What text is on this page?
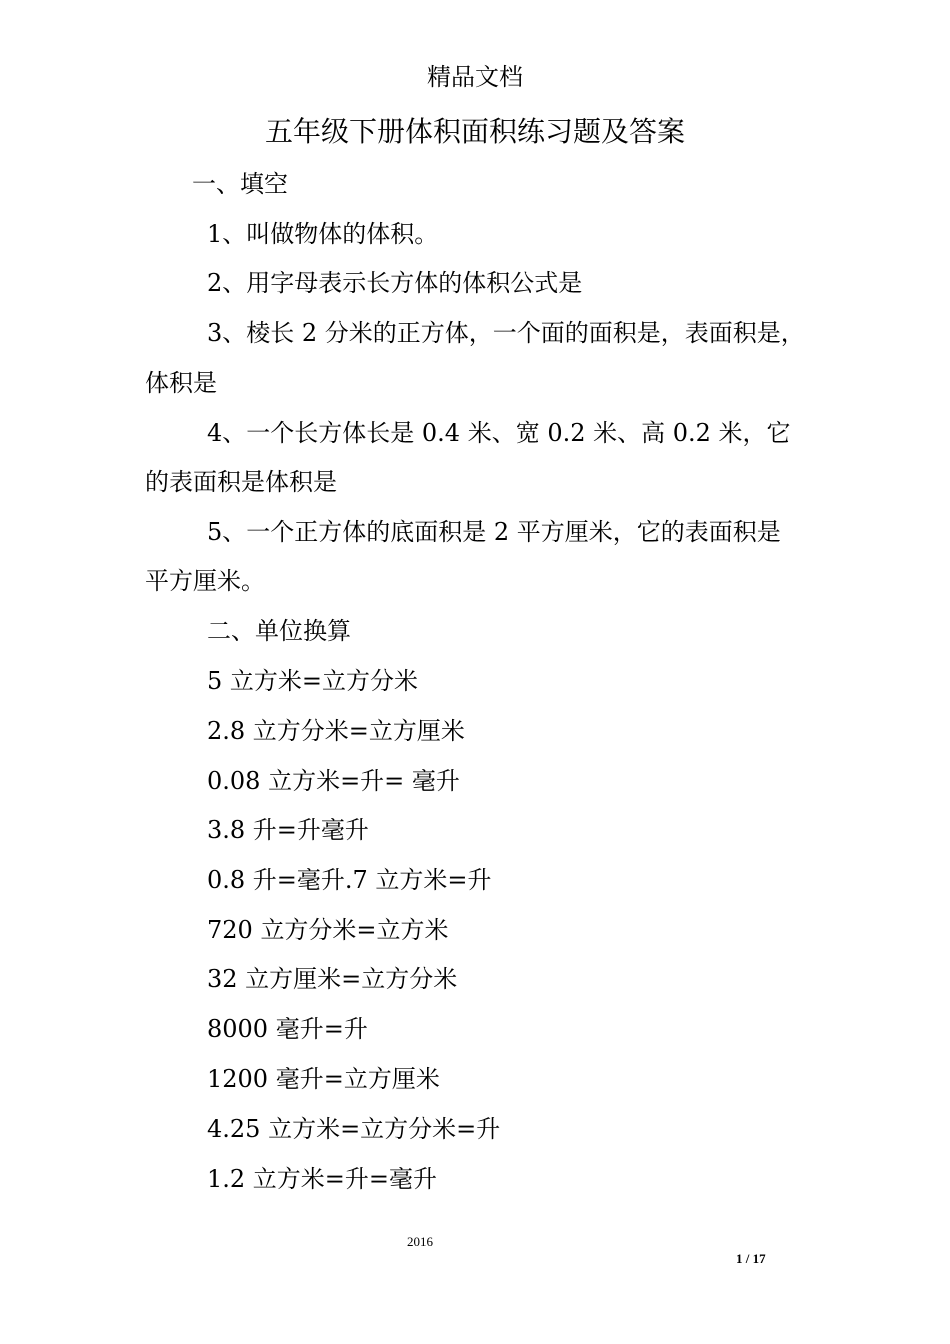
精品文档
五年级下册体积面积练习题及答案
一、填空
1、叫做物体的体积。
2、用字母表示长方体的体积公式是
3、棱长 2 分米的正方体，一个面的面积是，表面积是，
体积是
4、一个长方体长是 0.4 米、宽 0.2 米、高 0.2 米，它
的表面积是体积是
5、一个正方体的底面积是 2 平方厘米，它的表面积是
平方厘米。
二、单位换算
5 立方米=立方分米
2.8 立方分米=立方厘米
0.08 立方米=升= 毫升
3.8 升=升毫升
0.8 升=毫升.7 立方米=升
720 立方分米=立方米
32 立方厘米=立方分米
8000 毫升=升
1200 毫升=立方厘米
4.25 立方米=立方分米=升
1.2 立方米=升=毫升
2016
1 / 17
